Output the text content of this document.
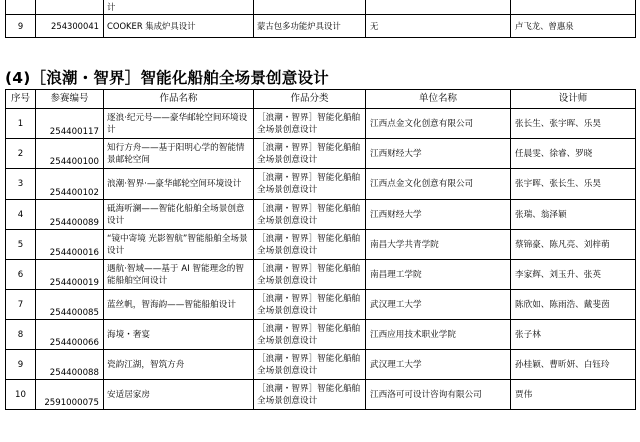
		计			
9	254300041	COOKER 集成炉具设计	蒙古包多功能炉具设计	无	卢飞龙、曾惠泉
(4)［浪潮・智界］智能化船舶全场景创意设计
序号	参赛编号	作品名称	作品分类	单位名称	设计师
1	254400117	逐浪·纪元号——豪华邮轮空间环境设计	［浪潮・智界］智能化船舶全场景创意设计	江西点金文化创意有限公司	张长生、张宇晖、乐昊
2	254400100	知行方舟——基于阳明心学的智能情景邮轮空间	［浪潮・智界］智能化船舶全场景创意设计	江西财经大学	任晨雯、徐睿、罗晓
3	254400102	浪潮·智界·—豪华邮轮空间环境设计	［浪潮・智界］智能化船舶全场景创意设计	江西点金文化创意有限公司	张宇晖、张长生、乐昊
4	254400089	砥海听澜——智能化船舶全场景创意设计	［浪潮・智界］智能化船舶全场景创意设计	江西财经大学	张瑞、翁泽颖
5	254400016	“镜中寄境 光影智航”智能船舶全场景设计	［浪潮・智界］智能化船舶全场景创意设计	南昌大学共青学院	蔡锦豪、陈凡亮、刘梓萌
6	254400019	遇航·智域——基于 AI 智能理念的智能船舶空间设计	［浪潮・智界］智能化船舶全场景创意设计	南昌理工学院	李家辉、刘玉升、张英
7	254400085	蓝丝帆，智海韵——智能船舶设计	［浪潮・智界］智能化船舶全场景创意设计	武汉理工大学	陈欣如、陈雨浩、戴斐茵
8	254400066	海境・奢宴	［浪潮・智界］智能化船舶全场景创意设计	江西应用技术职业学院	张子林
9	254400088	瓷韵江湖，智筑方舟	［浪潮・智界］智能化船舶全场景创意设计	武汉理工大学	孙桂颖、曹昕妍、白钰玲
10	2591000075	安适居家房	［浪潮・智界］智能化船舶全场景创意设计	江西洛可可设计咨询有限公司	贾伟
